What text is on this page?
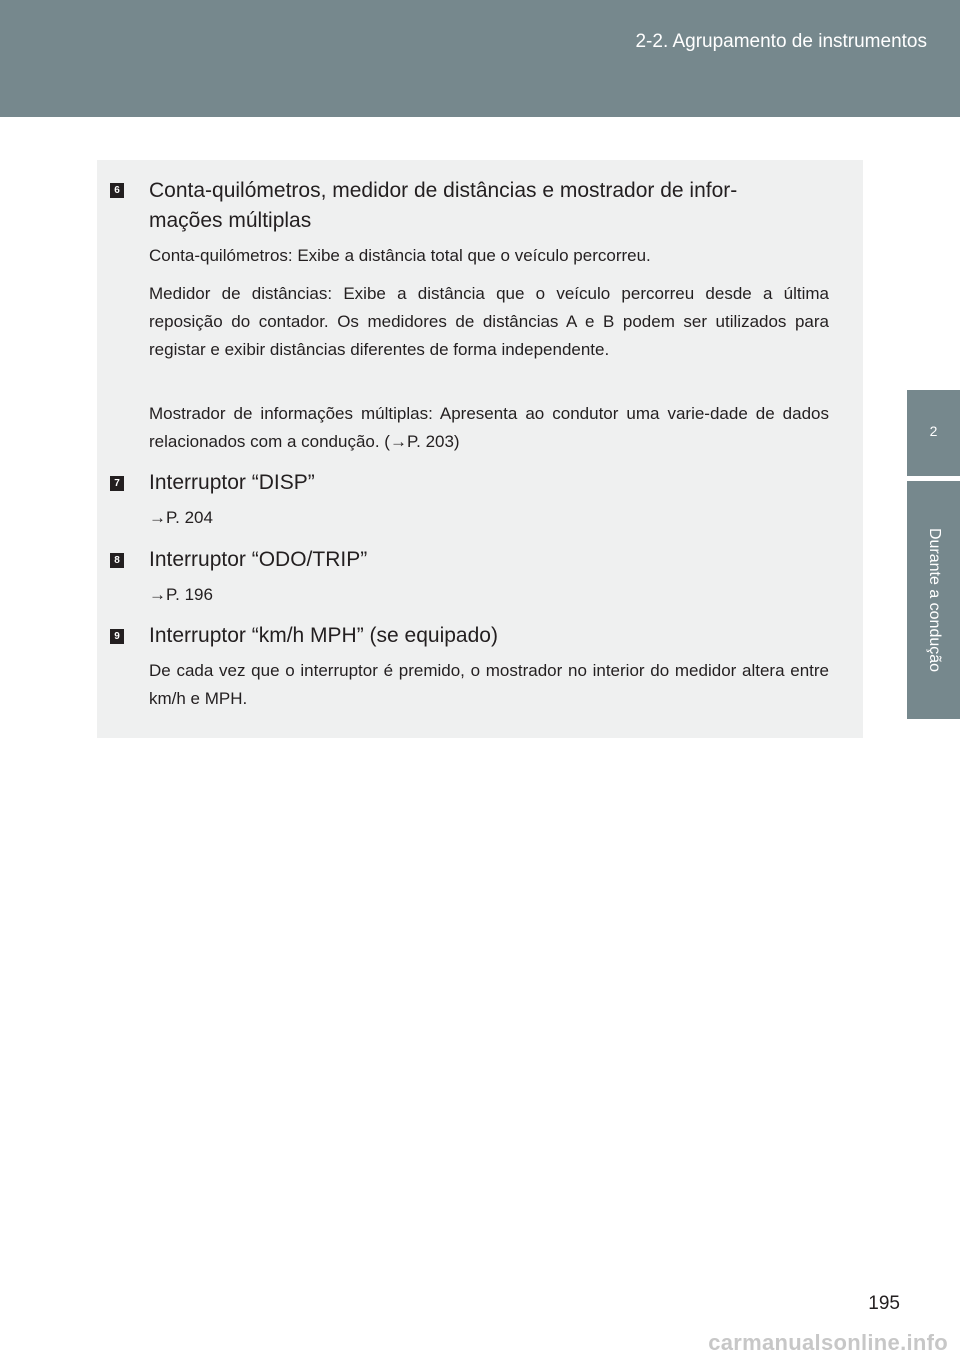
2-2. Agrupamento de instrumentos
2
Durante a condução
6 Conta-quilómetros, medidor de distâncias e mostrador de infor-
mações múltiplas

Conta-quilómetros: Exibe a distância total que o veículo percorreu.

Medidor de distâncias: Exibe a distância que o veículo percorreu desde a última reposição do contador. Os medidores de distâncias A e B podem ser utilizados para registar e exibir distâncias diferentes de forma independente.

Mostrador de informações múltiplas: Apresenta ao condutor uma varie-dade de dados relacionados com a condução. (→P. 203)

7 Interruptor “DISP”

→P. 204

8 Interruptor “ODO/TRIP”

→P. 196

9 Interruptor “km/h MPH” (se equipado)

De cada vez que o interruptor é premido, o mostrador no interior do medidor altera entre km/h e MPH.

195
carmanualsonline.info
